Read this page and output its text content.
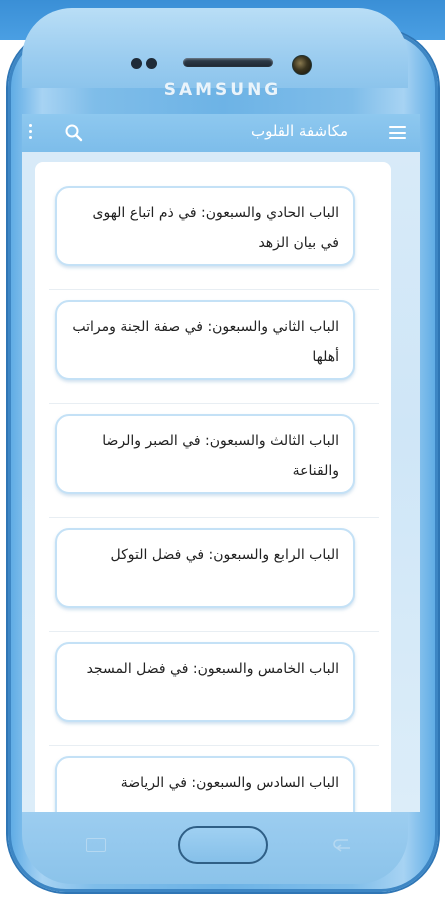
SAMSUNG
مكاشفة القلوب
الباب الحادي والسبعون: في ذم اتباع الهوى في بيان الزهد
الباب الثاني والسبعون: في صفة الجنة ومراتب أهلها
الباب الثالث والسبعون: في الصبر والرضا والقناعة
الباب الرابع والسبعون: في فضل التوكل
الباب الخامس والسبعون: في فضل المسجد
الباب السادس والسبعون: في الرياضة
